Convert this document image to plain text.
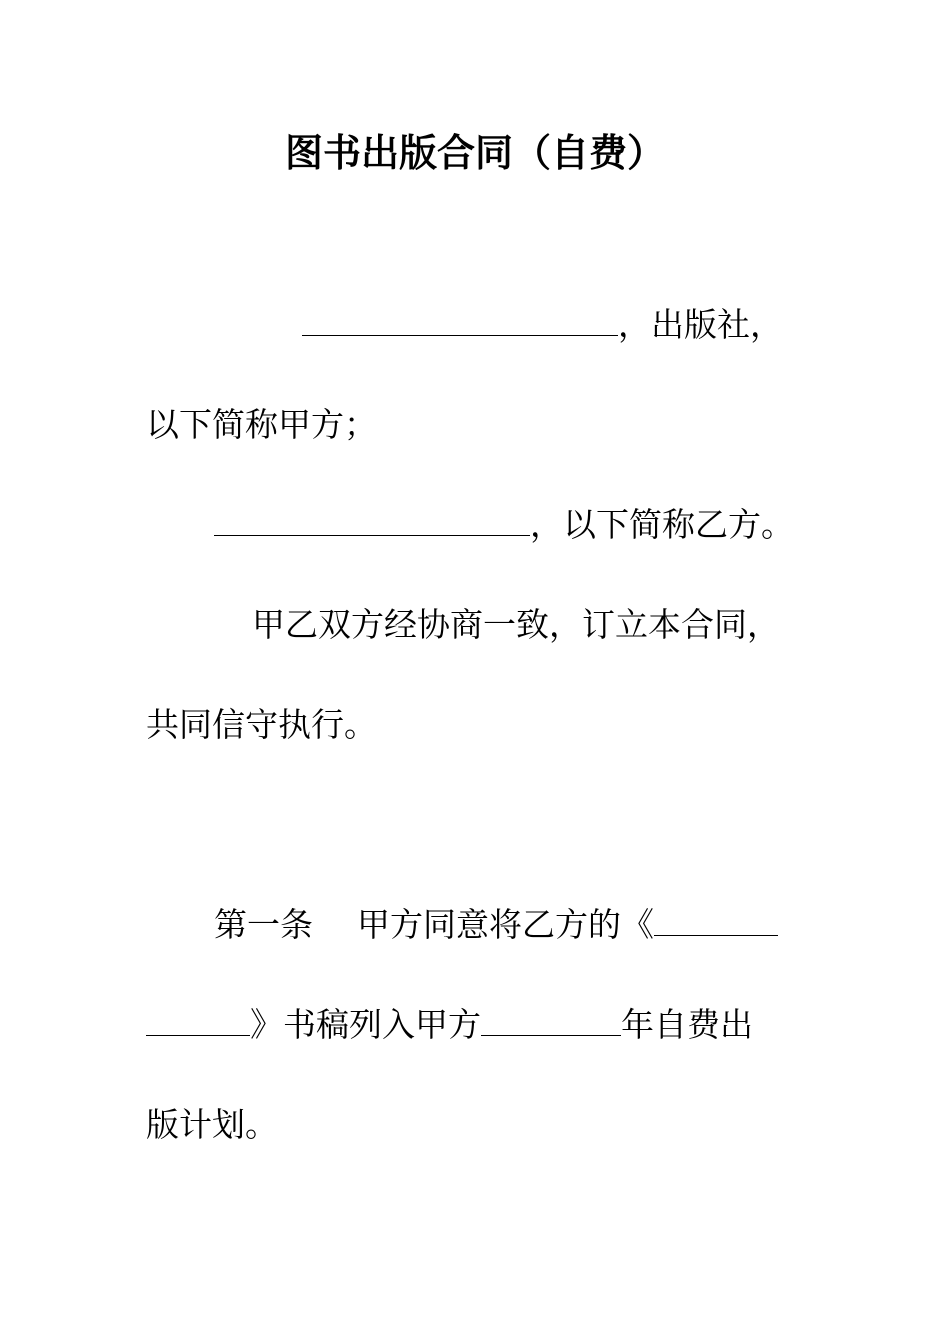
图书出版合同（自费）
，出版社，
以下简称甲方；
，以下简称乙方。
甲乙双方经协商一致，订立本合同，
共同信守执行。
第一条 甲方同意将乙方的《
》书稿列入甲方	年自费出
版计划。
